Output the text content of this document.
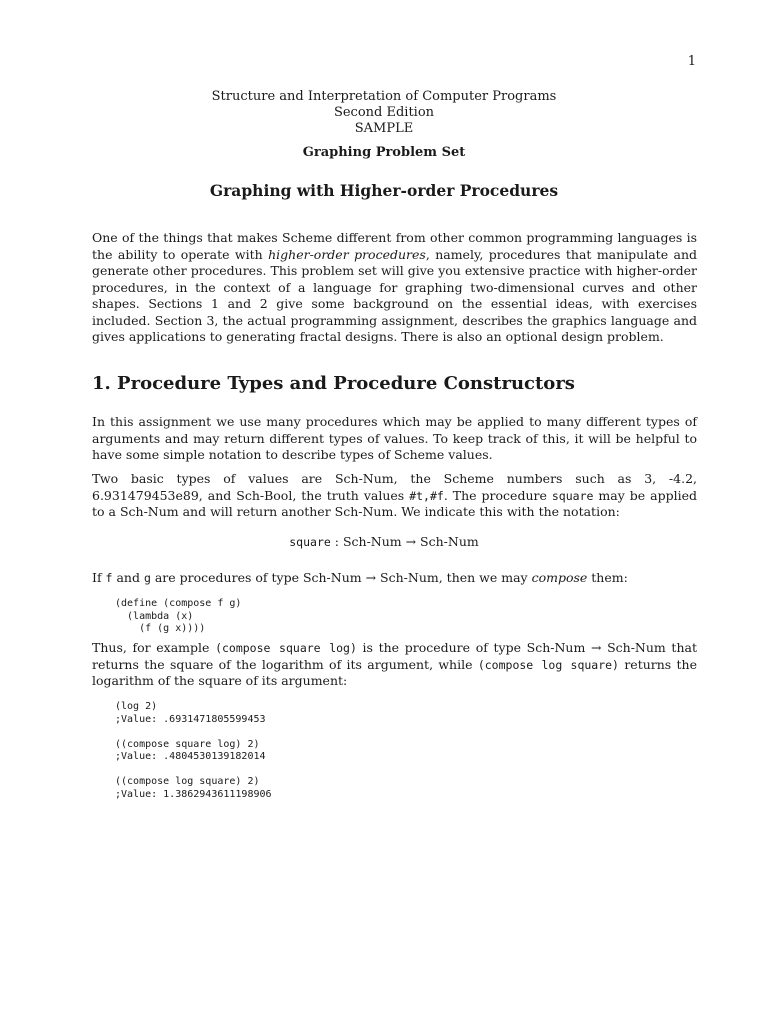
1
Structure and Interpretation of Computer Programs
Second Edition
SAMPLE
Graphing Problem Set
Graphing with Higher-order Procedures

One of the things that makes Scheme different from other common programming languages is the ability to operate with higher-order procedures, namely, procedures that manipulate and generate other procedures. This problem set will give you extensive practice with higher-order procedures, in the context of a language for graphing two-dimensional curves and other shapes. Sections 1 and 2 give some background on the essential ideas, with exercises included. Section 3, the actual programming assignment, describes the graphics language and gives applications to generating fractal designs. There is also an optional design problem.

1. Procedure Types and Procedure Constructors

In this assignment we use many procedures which may be applied to many different types of arguments and may return different types of values. To keep track of this, it will be helpful to have some simple notation to describe types of Scheme values.

Two basic types of values are Sch-Num, the Scheme numbers such as 3, -4.2, 6.931479453e89, and Sch-Bool, the truth values #t,#f. The procedure square may be applied to a Sch-Num and will return another Sch-Num. We indicate this with the notation:

square : Sch-Num → Sch-Num

If f and g are procedures of type Sch-Num → Sch-Num, then we may compose them:

(define (compose f g)
(lambda (x)
(f (g x))))

Thus, for example (compose square log) is the procedure of type Sch-Num → Sch-Num that returns the square of the logarithm of its argument, while (compose log square) returns the logarithm of the square of its argument:

(log 2)
;Value: .6931471805599453

((compose square log) 2)
;Value: .4804530139182014

((compose log square) 2)
;Value: 1.3862943611198906
